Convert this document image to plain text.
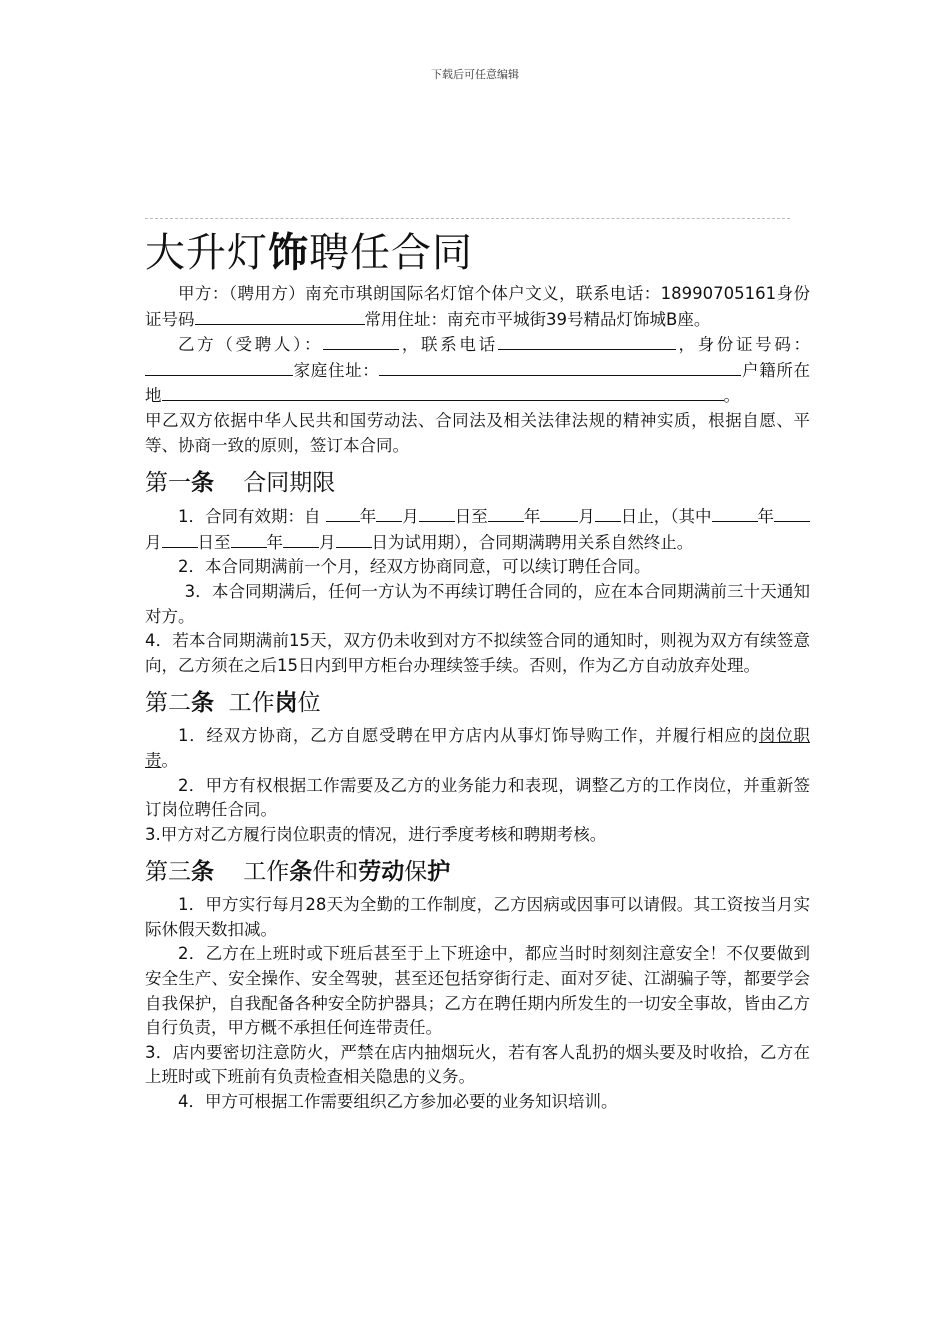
下载后可任意编辑
大升灯饰聘任合同

甲方：（聘用方）南充市琪朗国际名灯馆个体户文义，联系电话：18990705161身份证号码	常用住址：南充市平城街39号精品灯饰城B座。

乙方（受聘人）：	，联系电话	，身份证号码：家庭住址：	户籍所在地	。

甲乙双方依据中华人民共和国劳动法、合同法及相关法律法规的精神实质，根据自愿、平等、协商一致的原则，签订本合同。

第一条 合同期限

1．合同有效期：自 年 月 日至 年 月 日止，（其中	年月 日至 年 月 日为试用期），合同期满聘用关系自然终止。

2．本合同期满前一个月，经双方协商同意，可以续订聘任合同。

3．本合同期满后，任何一方认为不再续订聘任合同的，应在本合同期满前三十天通知对方。

4．若本合同期满前15天，双方仍未收到对方不拟续签合同的通知时，则视为双方有续签意向，乙方须在之后15日内到甲方柜台办理续签手续。否则，作为乙方自动放弃处理。

第二条 工作岗位

1．经双方协商，乙方自愿受聘在甲方店内从事灯饰导购工作，并履行相应的岗位职责。

2．甲方有权根据工作需要及乙方的业务能力和表现，调整乙方的工作岗位，并重新签订岗位聘任合同。

3.甲方对乙方履行岗位职责的情况，进行季度考核和聘期考核。

第三条 工作条件和劳动保护

1．甲方实行每月28天为全勤的工作制度，乙方因病或因事可以请假。其工资按当月实际休假天数扣减。

2．乙方在上班时或下班后甚至于上下班途中，都应当时时刻刻注意安全！不仅要做到安全生产、安全操作、安全驾驶，甚至还包括穿街行走、面对歹徒、江湖骗子等，都要学会自我保护，自我配备各种安全防护器具；乙方在聘任期内所发生的一切安全事故，皆由乙方自行负责，甲方概不承担任何连带责任。

3．店内要密切注意防火，严禁在店内抽烟玩火，若有客人乱扔的烟头要及时收拾，乙方在上班时或下班前有负责检查相关隐患的义务。

4．甲方可根据工作需要组织乙方参加必要的业务知识培训。
